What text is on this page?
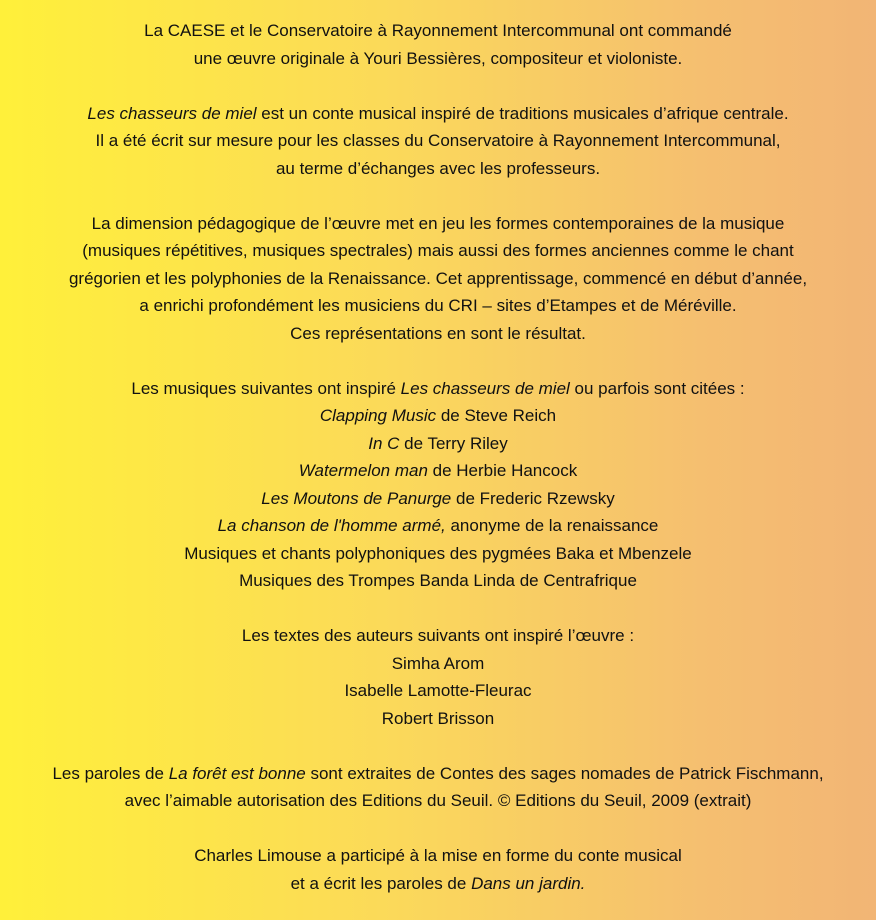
La CAESE et le Conservatoire à Rayonnement Intercommunal ont commandé
une œuvre originale à Youri Bessières, compositeur et violoniste.

Les chasseurs de miel est un conte musical inspiré de traditions musicales d’afrique centrale.
Il a été écrit sur mesure pour les classes du Conservatoire à Rayonnement Intercommunal,
au terme d’échanges avec les professeurs.

La dimension pédagogique de l’œuvre met en jeu les formes contemporaines de la musique
(musiques répétitives, musiques spectrales) mais aussi des formes anciennes comme le chant
grégorien et les polyphonies de la Renaissance. Cet apprentissage, commencé en début d’année,
a enrichi profondément les musiciens du CRI – sites d’Etampes et de Méréville.
Ces représentations en sont le résultat.

Les musiques suivantes ont inspiré Les chasseurs de miel ou parfois sont citées :
Clapping Music de Steve Reich
In C de Terry Riley
Watermelon man de Herbie Hancock
Les Moutons de Panurge de Frederic Rzewsky
La chanson de l'homme armé, anonyme de la renaissance
Musiques et chants polyphoniques des pygmées Baka et Mbenzele
Musiques des Trompes Banda Linda de Centrafrique

Les textes des auteurs suivants ont inspiré l’œuvre :
Simha Arom
Isabelle Lamotte-Fleurac
Robert Brisson

Les paroles de La forêt est bonne sont extraites de Contes des sages nomades de Patrick Fischmann,
avec l’aimable autorisation des Editions du Seuil. © Editions du Seuil, 2009 (extrait)

Charles Limouse a participé à la mise en forme du conte musical
et a écrit les paroles de Dans un jardin.
